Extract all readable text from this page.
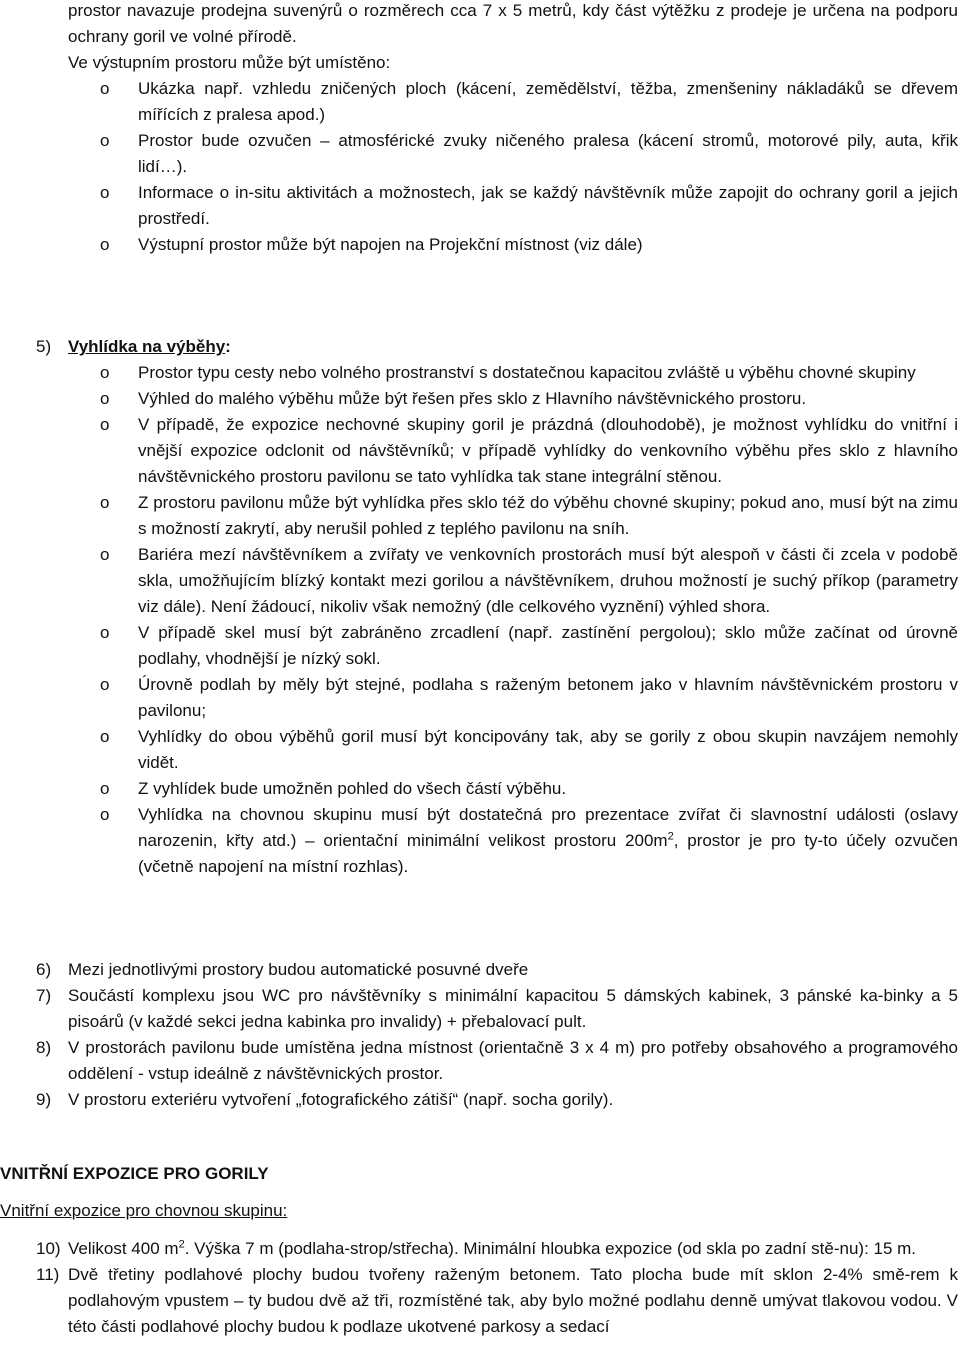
prostor navazuje prodejna suvenýrů o rozměrech cca 7 x 5 metrů, kdy část výtěžku z prodeje je určena na podporu ochrany goril ve volné přírodě.
Ve výstupním prostoru může být umístěno:
o Ukázka např. vzhledu zničených ploch (kácení, zemědělství, těžba, zmenšeniny nákladáků se dřevem mířících z pralesa apod.)
o Prostor bude ozvučen – atmosférické zvuky ničeného pralesa (kácení stromů, motorové pily, auta, křik lidí…).
o Informace o in-situ aktivitách a možnostech, jak se každý návštěvník může zapojit do ochrany goril a jejich prostředí.
o Výstupní prostor může být napojen na Projekční místnost (viz dále)
5) Vyhlídka na výběhy:
o Prostor typu cesty nebo volného prostranství s dostatečnou kapacitou zvláště u výběhu chovné skupiny
o Výhled do malého výběhu může být řešen přes sklo z Hlavního návštěvnického prostoru.
o V případě, že expozice nechovné skupiny goril je prázdná (dlouhodobě), je možnost vyhlídku do vnitřní i vnější expozice odclonit od návštěvníků; v případě vyhlídky do venkovního výběhu přes sklo z hlavního návštěvnického prostoru pavilonu se tato vyhlídka tak stane integrální stěnou.
o Z prostoru pavilonu může být vyhlídka přes sklo též do výběhu chovné skupiny; pokud ano, musí být na zimu s možností zakrytí, aby nerušil pohled z teplého pavilonu na sníh.
o Bariéra mezí návštěvníkem a zvířaty ve venkovních prostorách musí být alespoň v části či zcela v podobě skla, umožňujícím blízký kontakt mezi gorilou a návštěvníkem, druhou možností je suchý příkop (parametry viz dále). Není žádoucí, nikoliv však nemožný (dle celkového vyznění) výhled shora.
o V případě skel musí být zabráněno zrcadlení (např. zastínění pergolou); sklo může začínat od úrovně podlahy, vhodnější je nízký sokl.
o Úrovně podlah by měly být stejné, podlaha s raženým betonem jako v hlavním návštěvnickém prostoru v pavilonu;
o Vyhlídky do obou výběhů goril musí být koncipovány tak, aby se gorily z obou skupin navzájem nemohly vidět.
o Z vyhlídek bude umožněn pohled do všech částí výběhu.
o Vyhlídka na chovnou skupinu musí být dostatečná pro prezentace zvířat či slavnostní události (oslavy narozenin, křty atd.) – orientační minimální velikost prostoru $200m^2$, prostor je pro ty-to účely ozvučen (včetně napojení na místní rozhlas).
6) Mezi jednotlivými prostory budou automatické posuvné dveře
7) Součástí komplexu jsou WC pro návštěvníky s minimální kapacitou 5 dámských kabinek, 3 pánské ka-binky a 5 pisoárů (v každé sekci jedna kabinka pro invalidy) + přebalovací pult.
8) V prostorách pavilonu bude umístěna jedna místnost (orientačně 3 x 4 m) pro potřeby obsahového a programového oddělení - vstup ideálně z návštěvnických prostor.
9) V prostoru exteriéru vytvoření „fotografického zátiší“ (např. socha gorily).
VNITŘNÍ EXPOZICE PRO GORILY
Vnitřní expozice pro chovnou skupinu:
10) Velikost 400 $m^2$. Výška 7 m (podlaha-strop/střecha). Minimální hloubka expozice (od skla po zadní stě-nu): 15 m.
11) Dvě třetiny podlahové plochy budou tvořeny raženým betonem. Tato plocha bude mít sklon 2-4% smě-rem k podlahovým vpustem – ty budou dvě až tři, rozmístěné tak, aby bylo možné podlahu denně umývat tlakovou vodou. V této části podlahové plochy budou k podlaze ukotvené parkosy a sedací
